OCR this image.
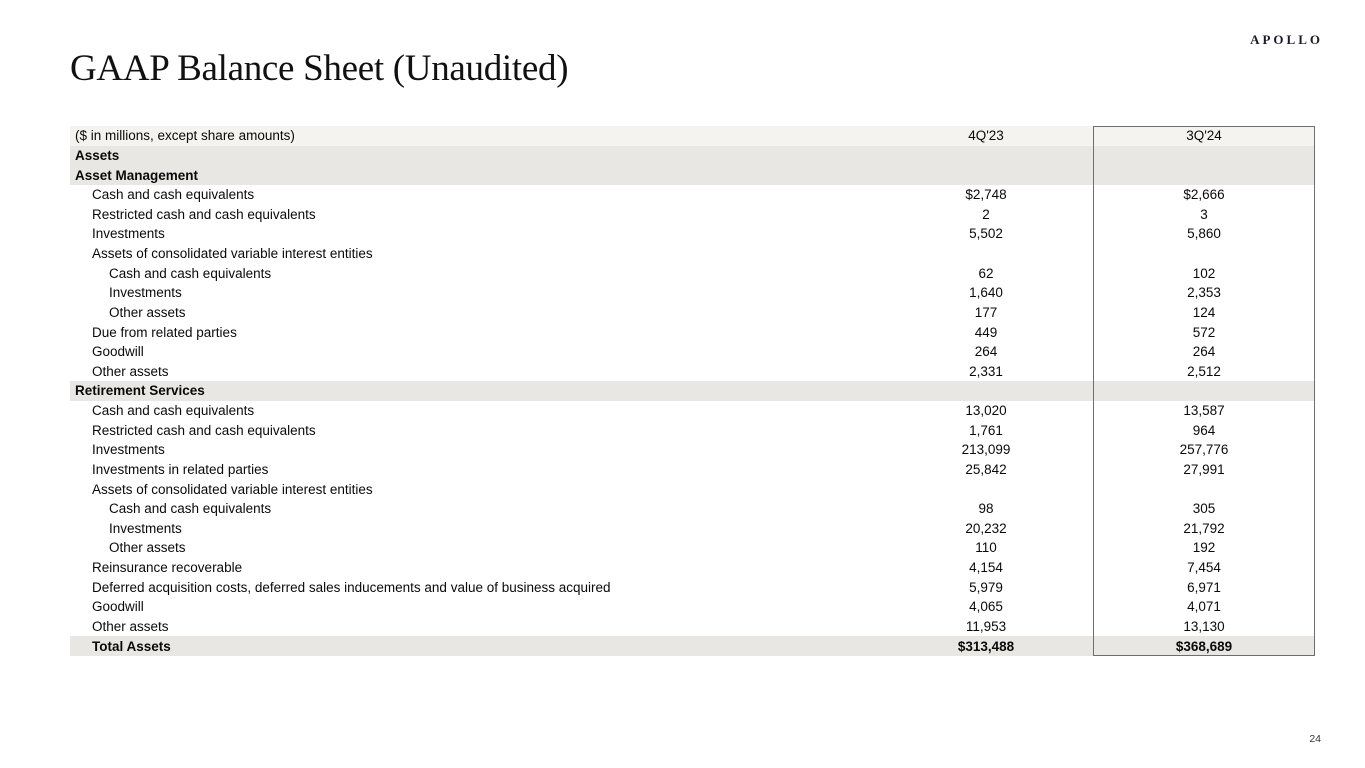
APOLLO
GAAP Balance Sheet (Unaudited)
($ in millions, except share amounts)	4Q'23	3Q'24
Assets
Asset Management
Cash and cash equivalents	$2,748	$2,666
Restricted cash and cash equivalents	2	3
Investments	5,502	5,860
Assets of consolidated variable interest entities
Cash and cash equivalents	62	102
Investments	1,640	2,353
Other assets	177	124
Due from related parties	449	572
Goodwill	264	264
Other assets	2,331	2,512
Retirement Services
Cash and cash equivalents	13,020	13,587
Restricted cash and cash equivalents	1,761	964
Investments	213,099	257,776
Investments in related parties	25,842	27,991
Assets of consolidated variable interest entities
Cash and cash equivalents	98	305
Investments	20,232	21,792
Other assets	110	192
Reinsurance recoverable	4,154	7,454
Deferred acquisition costs, deferred sales inducements and value of business acquired	5,979	6,971
Goodwill	4,065	4,071
Other assets	11,953	13,130
Total Assets	$313,488	$368,689
24
